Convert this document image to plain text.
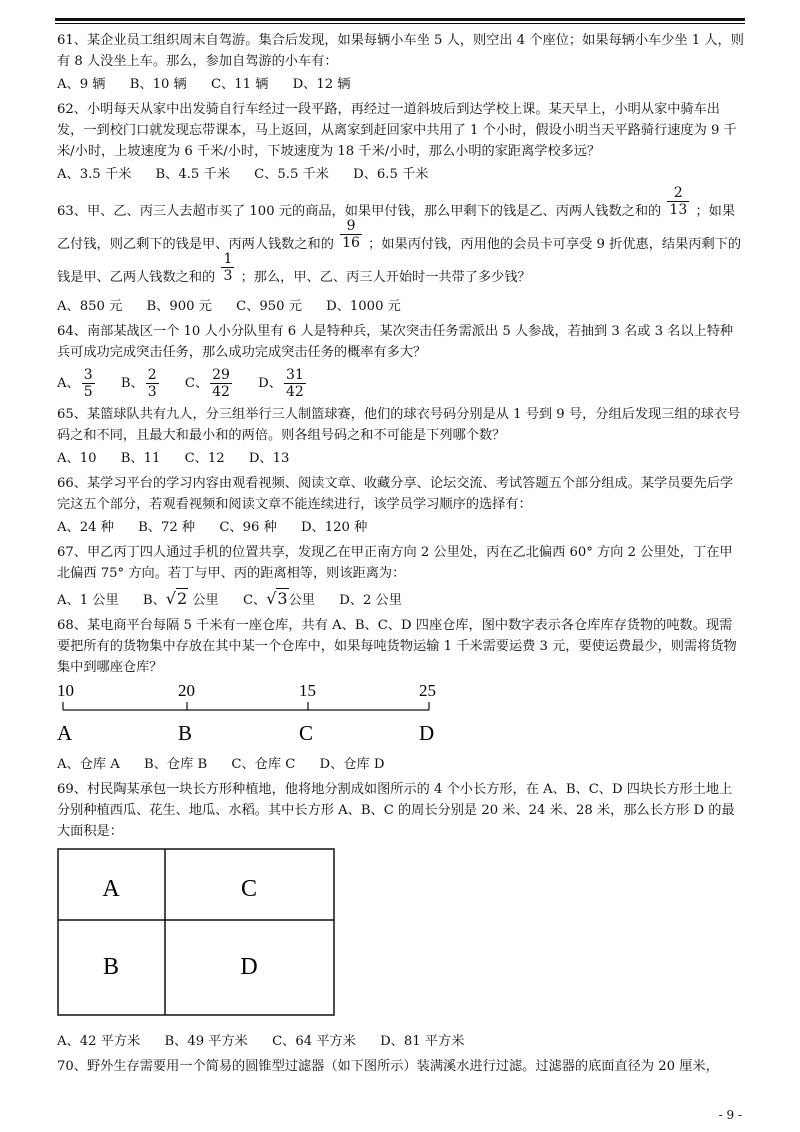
61、某企业员工组织周末自驾游。集合后发现，如果每辆小车坐 5 人，则空出 4 个座位；如果每辆小车少坐 1 人，则有 8 人没坐上车。那么，参加自驾游的小车有：

A、9 辆 B、10 辆 C、11 辆 D、12 辆

62、小明每天从家中出发骑自行车经过一段平路，再经过一道斜坡后到达学校上课。某天早上，小明从家中骑车出发，一到校门口就发现忘带课本，马上返回，从离家到赶回家中共用了 1 个小时，假设小明当天平路骑行速度为 9 千米/小时，上坡速度为 6 千米/小时，下坡速度为 18 千米/小时，那么小明的家距离学校多远？

A、3.5 千米 B、4.5 千米 C、5.5 千米 D、6.5 千米

63、甲、乙、丙三人去超市买了 100 元的商品，如果甲付钱，那么甲剩下的钱是乙、丙两人钱数之和的 $\frac{2}{13}$ ；如果乙付钱，则乙剩下的钱是甲、丙两人钱数之和的 $\frac{9}{16}$ ；如果丙付钱，丙用他的会员卡可享受 9 折优惠，结果丙剩下的钱是甲、乙两人钱数之和的 $\frac{1}{3}$ ；那么，甲、乙、丙三人开始时一共带了多少钱？

A、850 元 B、900 元 C、950 元 D、1000 元

64、南部某战区一个 10 人小分队里有 6 人是特种兵，某次突击任务需派出 5 人参战，若抽到 3 名或 3 名以上特种兵可成功完成突击任务，那么成功完成突击任务的概率有多大？

A、 $\frac{3}{5}$ B、 $\frac{2}{3}$ C、 $\frac{29}{42}$ D、 $\frac{31}{42}$

65、某篮球队共有九人，分三组举行三人制篮球赛，他们的球衣号码分别是从 1 号到 9 号，分组后发现三组的球衣号码之和不同，且最大和最小和的两倍。则各组号码之和不可能是下列哪个数？

A、10 B、11 C、12 D、13

66、某学习平台的学习内容由观看视频、阅读文章、收藏分享、论坛交流、考试答题五个部分组成。某学员要先后学完这五个部分，若观看视频和阅读文章不能连续进行，该学员学习顺序的选择有：

A、24 种 B、72 种 C、96 种 D、120 种

67、甲乙丙丁四人通过手机的位置共享，发现乙在甲正南方向 2 公里处，丙在乙北偏西 60° 方向 2 公里处，丁在甲北偏西 75° 方向。若丁与甲、丙的距离相等，则该距离为：

A、1 公里 B、√2 公里 C、√3公里 D、2 公里

68、某电商平台每隔 5 千米有一座仓库，共有 A、B、C、D 四座仓库，图中数字表示各仓库库存货物的吨数。现需要把所有的货物集中存放在其中某一个仓库中，如果每吨货物运输 1 千米需要运费 3 元，要使运费最少，则需将货物集中到哪座仓库？

10	20	15	25
A	B	C	D
A、仓库 A B、仓库 B C、仓库 C D、仓库 D

69、村民陶某承包一块长方形种植地，他将地分割成如图所示的 4 个小长方形，在 A、B、C、D 四块长方形土地上分别种植西瓜、花生、地瓜、水稻。其中长方形 A、B、C 的周长分别是 20 米、24 米、28 米，那么长方形 D 的最大面积是：

A	C
B	D
A、42 平方米 B、49 平方米 C、64 平方米 D、81 平方米

70、野外生存需要用一个简易的圆锥型过滤器（如下图所示）装满溪水进行过滤。过滤器的底面直径为 20 厘米，

- 9 -
